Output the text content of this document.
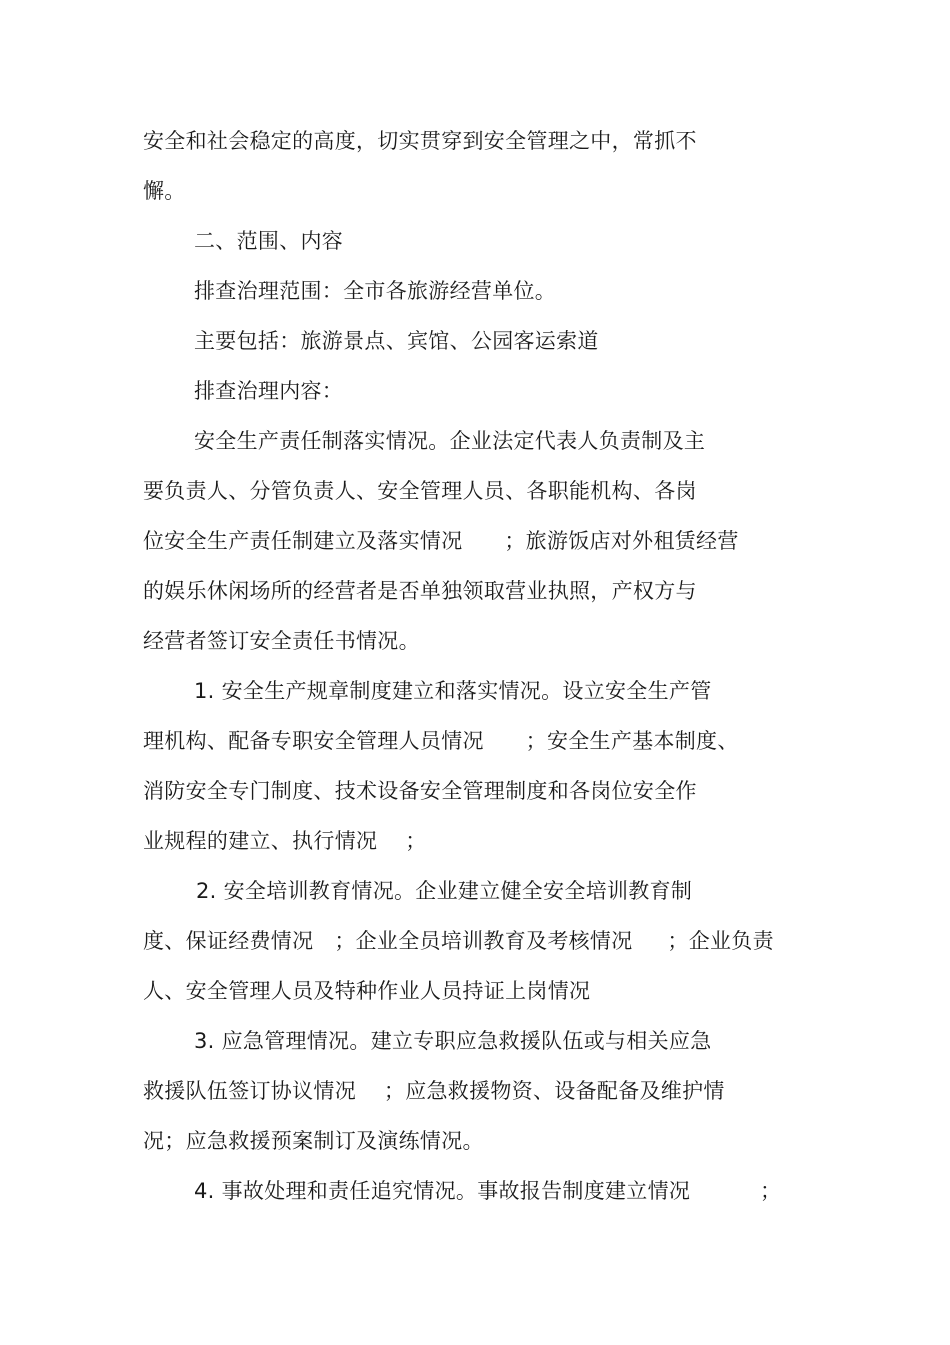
安全和社会稳定的高度，切实贯穿到安全管理之中，常抓不
懈。
二、范围、内容
排查治理范围：全市各旅游经营单位。
主要包括：旅游景点、宾馆、公园客运索道
排查治理内容：
安全生产责任制落实情况。企业法定代表人负责制及主
要负责人、分管负责人、安全管理人员、各职能机构、各岗
位安全生产责任制建立及落实情况      ；旅游饭店对外租赁经营
的娱乐休闲场所的经营者是否单独领取营业执照，产权方与
经营者签订安全责任书情况。
1. 安全生产规章制度建立和落实情况。设立安全生产管
理机构、配备专职安全管理人员情况      ；安全生产基本制度、
消防安全专门制度、技术设备安全管理制度和各岗位安全作
业规程的建立、执行情况    ；
2. 安全培训教育情况。企业建立健全安全培训教育制
度、保证经费情况   ；企业全员培训教育及考核情况     ；企业负责
人、安全管理人员及特种作业人员持证上岗情况
3. 应急管理情况。建立专职应急救援队伍或与相关应急
救援队伍签订协议情况    ；应急救援物资、设备配备及维护情
况；应急救援预案制订及演练情况。
4. 事故处理和责任追究情况。事故报告制度建立情况          ；
